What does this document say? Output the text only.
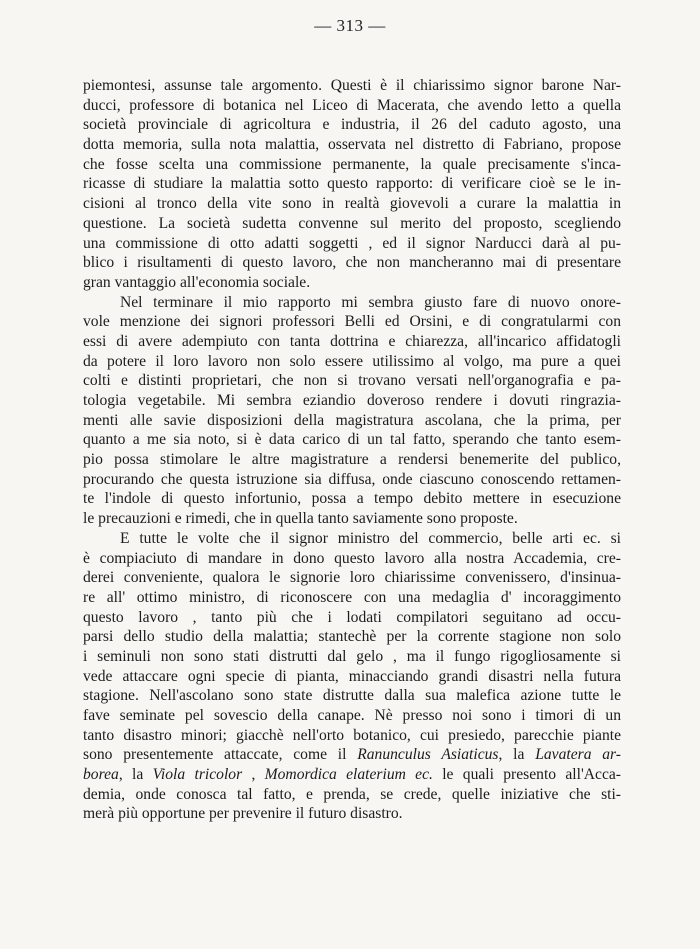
— 313 —
piemontesi, assunse tale argomento. Questi è il chiarissimo signor barone Nar-
ducci, professore di botanica nel Liceo di Macerata, che avendo letto a quella
società provinciale di agricoltura e industria, il 26 del caduto agosto, una
dotta memoria, sulla nota malattia, osservata nel distretto di Fabriano, propose
che fosse scelta una commissione permanente, la quale precisamente s'inca-
ricasse di studiare la malattia sotto questo rapporto: di verificare cioè se le in-
cisioni al tronco della vite sono in realtà giovevoli a curare la malattia in
questione. La società sudetta convenne sul merito del proposto, scegliendo
una commissione di otto adatti soggetti , ed il signor Narducci darà al pu-
blico i risultamenti di questo lavoro, che non mancheranno mai di presentare
gran vantaggio all'economia sociale.
Nel terminare il mio rapporto mi sembra giusto fare di nuovo onore-
vole menzione dei signori professori Belli ed Orsini, e di congratularmi con
essi di avere adempiuto con tanta dottrina e chiarezza, all'incarico affidatogli
da potere il loro lavoro non solo essere utilissimo al volgo, ma pure a quei
colti e distinti proprietari, che non si trovano versati nell'organografia e pa-
tologia vegetabile. Mi sembra eziandio doveroso rendere i dovuti ringrazia-
menti alle savie disposizioni della magistratura ascolana, che la prima, per
quanto a me sia noto, si è data carico di un tal fatto, sperando che tanto esem-
pio possa stimolare le altre magistrature a rendersi benemerite del publico,
procurando che questa istruzione sia diffusa, onde ciascuno conoscendo rettamen-
te l'indole di questo infortunio, possa a tempo debito mettere in esecuzione
le precauzioni e rimedi, che in quella tanto saviamente sono proposte.
E tutte le volte che il signor ministro del commercio, belle arti ec. si
è compiaciuto di mandare in dono questo lavoro alla nostra Accademia, cre-
derei conveniente, qualora le signorie loro chiarissime convenissero, d'insinua-
re all' ottimo ministro, di riconoscere con una medaglia d' incoraggimento
questo lavoro , tanto più che i lodati compilatori seguitano ad occu-
parsi dello studio della malattia; stantechè per la corrente stagione non solo
i seminuli non sono stati distrutti dal gelo , ma il fungo rigogliosamente si
vede attaccare ogni specie di pianta, minacciando grandi disastri nella futura
stagione. Nell'ascolano sono state distrutte dalla sua malefica azione tutte le
fave seminate pel sovescio della canape. Nè presso noi sono i timori di un
tanto disastro minori; giacchè nell'orto botanico, cui presiedo, parecchie piante
sono presentemente attaccate, come il Ranunculus Asiaticus, la Lavatera ar-
borea, la Viola tricolor , Momordica elaterium ec. le quali presento all'Acca-
demia, onde conosca tal fatto, e prenda, se crede, quelle iniziative che sti-
merà più opportune per prevenire il futuro disastro.
